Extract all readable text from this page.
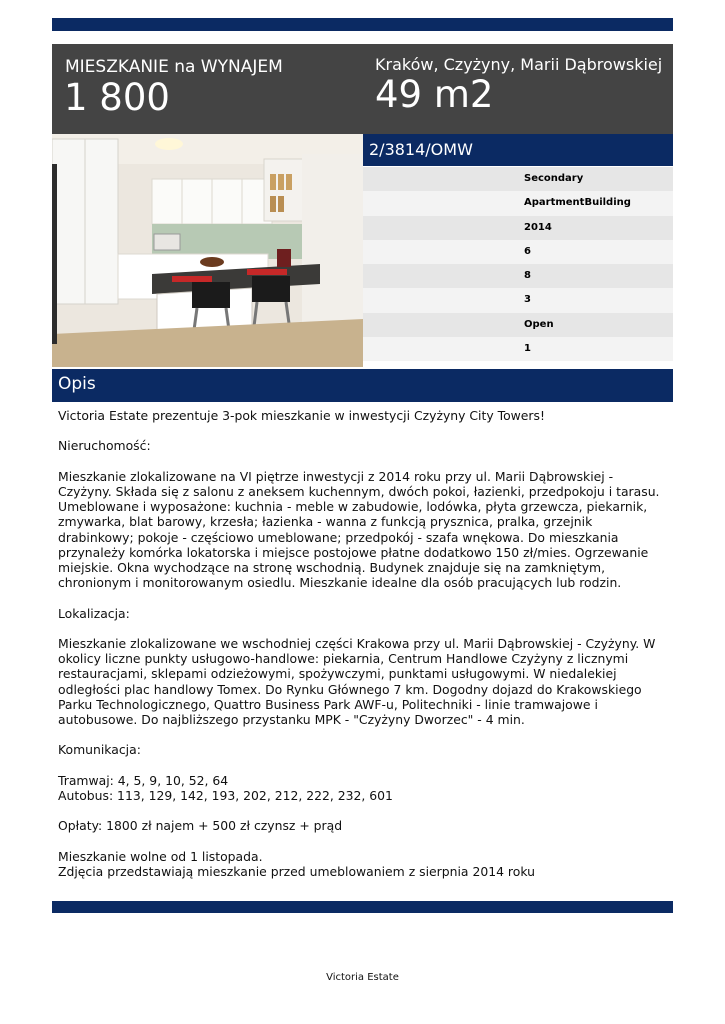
MIESZKANIE na WYNAJEM
1 800
Kraków, Czyżyny, Marii Dąbrowskiej
49 m2
2/3814/OMW
Secondary
ApartmentBuilding
2014
6
8
3
Open
1
Opis

Victoria Estate prezentuje 3-pok mieszkanie w inwestycji Czyżyny City Towers!

Nieruchomość:

Mieszkanie zlokalizowane na VI piętrze inwestycji z 2014 roku przy ul. Marii Dąbrowskiej - Czyżyny. Składa się z salonu z aneksem kuchennym, dwóch pokoi, łazienki, przedpokoju i tarasu. Umeblowane i wyposażone: kuchnia - meble w zabudowie, lodówka, płyta grzewcza, piekarnik, zmywarka, blat barowy, krzesła; łazienka - wanna z funkcją prysznica, pralka, grzejnik drabinkowy; pokoje - częściowo umeblowane; przedpokój - szafa wnękowa. Do mieszkania przynależy komórka lokatorska i miejsce postojowe płatne dodatkowo 150 zł/mies. Ogrzewanie miejskie. Okna wychodzące na stronę wschodnią. Budynek znajduje się na zamkniętym, chronionym i monitorowanym osiedlu. Mieszkanie idealne dla osób pracujących lub rodzin.

Lokalizacja:

Mieszkanie zlokalizowane we wschodniej części Krakowa przy ul. Marii Dąbrowskiej - Czyżyny. W okolicy liczne punkty usługowo-handlowe: piekarnia, Centrum Handlowe Czyżyny z licznymi restauracjami, sklepami odzieżowymi, spożywczymi, punktami usługowymi. W niedalekiej odległości plac handlowy Tomex. Do Rynku Głównego 7 km. Dogodny dojazd do Krakowskiego Parku Technologicznego, Quattro Business Park AWF-u, Politechniki - linie tramwajowe i autobusowe. Do najbliższego przystanku MPK - "Czyżyny Dworzec" - 4 min.

Komunikacja:

Tramwaj: 4, 5, 9, 10, 52, 64

Autobus: 113, 129, 142, 193, 202, 212, 222, 232, 601

Opłaty: 1800 zł najem + 500 zł czynsz + prąd

Mieszkanie wolne od 1 listopada.

Zdjęcia przedstawiają mieszkanie przed umeblowaniem z sierpnia 2014 roku

Victoria Estate
